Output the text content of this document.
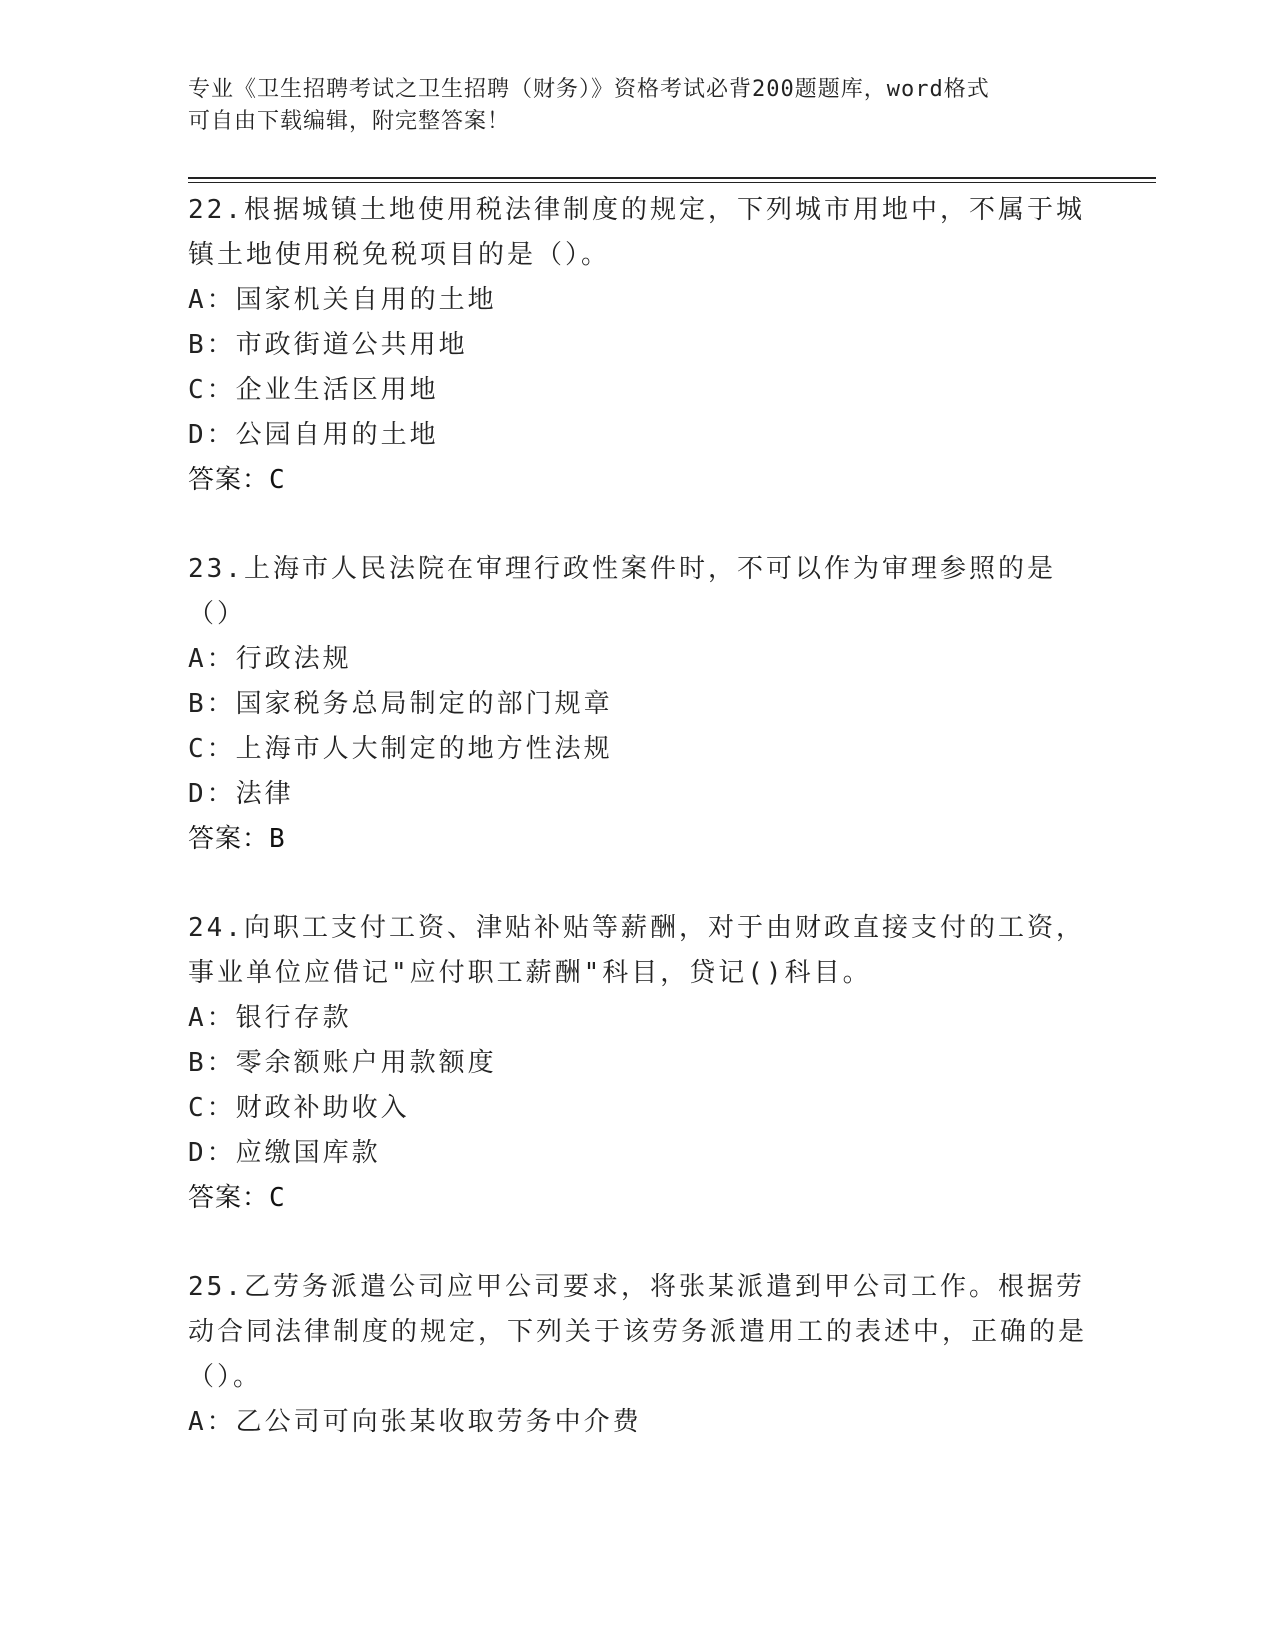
专业《卫生招聘考试之卫生招聘（财务）》资格考试必背200题题库，word格式
可自由下载编辑，附完整答案！

22.根据城镇土地使用税法律制度的规定，下列城市用地中，不属于城镇土地使用税免税项目的是（）。

A：国家机关自用的土地

B：市政街道公共用地

C：企业生活区用地

D：公园自用的土地

答案：C

23.上海市人民法院在审理行政性案件时，不可以作为审理参照的是（）

A：行政法规

B：国家税务总局制定的部门规章

C：上海市人大制定的地方性法规

D：法律

答案：B

24.向职工支付工资、津贴补贴等薪酬，对于由财政直接支付的工资，事业单位应借记"应付职工薪酬"科目，贷记()科目。

A：银行存款

B：零余额账户用款额度

C：财政补助收入

D：应缴国库款

答案：C

25.乙劳务派遣公司应甲公司要求，将张某派遣到甲公司工作。根据劳动合同法律制度的规定，下列关于该劳务派遣用工的表述中，正确的是（）。

A：乙公司可向张某收取劳务中介费
